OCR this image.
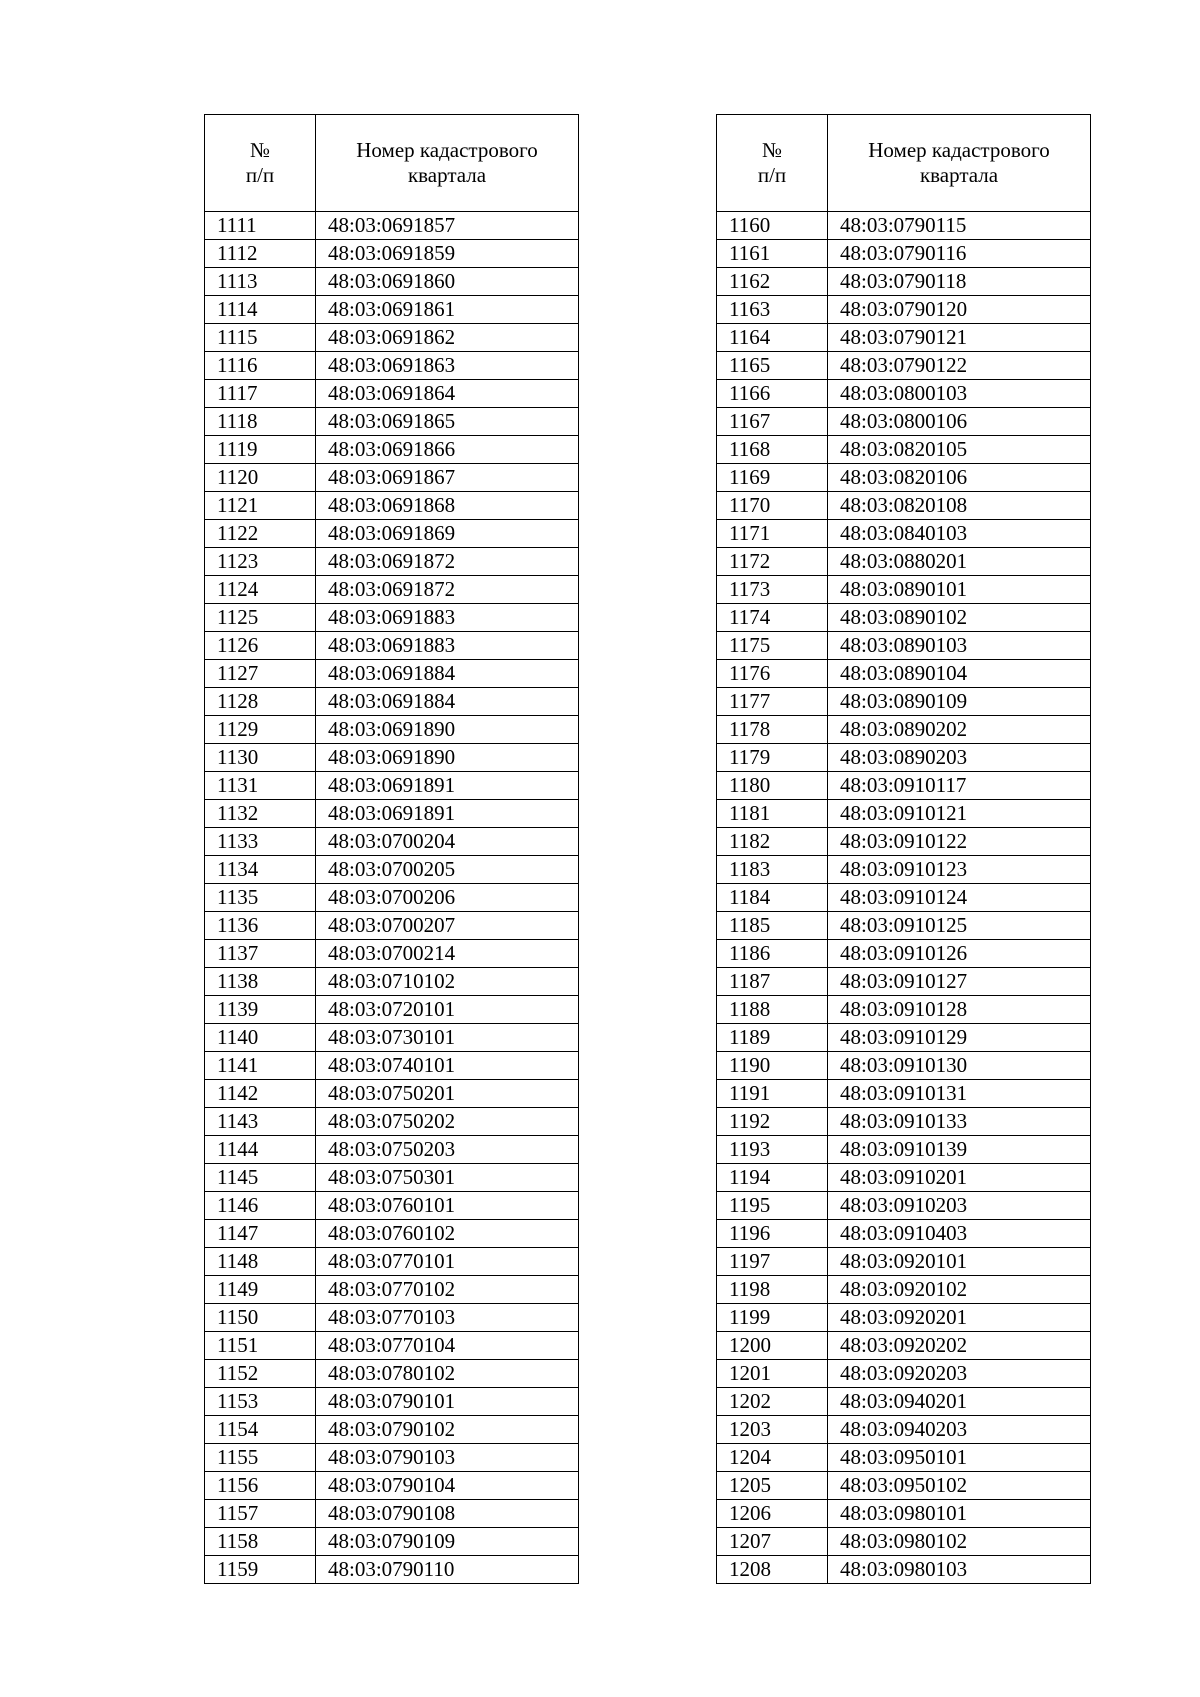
№
п/п	Номер кадастрового
квартала

1111	48:03:0691857
1112	48:03:0691859
1113	48:03:0691860
1114	48:03:0691861
1115	48:03:0691862
1116	48:03:0691863
1117	48:03:0691864
1118	48:03:0691865
1119	48:03:0691866
1120	48:03:0691867
1121	48:03:0691868
1122	48:03:0691869
1123	48:03:0691872
1124	48:03:0691872
1125	48:03:0691883
1126	48:03:0691883
1127	48:03:0691884
1128	48:03:0691884
1129	48:03:0691890
1130	48:03:0691890
1131	48:03:0691891
1132	48:03:0691891
1133	48:03:0700204
1134	48:03:0700205
1135	48:03:0700206
1136	48:03:0700207
1137	48:03:0700214
1138	48:03:0710102
1139	48:03:0720101
1140	48:03:0730101
1141	48:03:0740101
1142	48:03:0750201
1143	48:03:0750202
1144	48:03:0750203
1145	48:03:0750301
1146	48:03:0760101
1147	48:03:0760102
1148	48:03:0770101
1149	48:03:0770102
1150	48:03:0770103
1151	48:03:0770104
1152	48:03:0780102
1153	48:03:0790101
1154	48:03:0790102
1155	48:03:0790103
1156	48:03:0790104
1157	48:03:0790108
1158	48:03:0790109
1159	48:03:0790110
№
п/п	Номер кадастрового
квартала

1160	48:03:0790115
1161	48:03:0790116
1162	48:03:0790118
1163	48:03:0790120
1164	48:03:0790121
1165	48:03:0790122
1166	48:03:0800103
1167	48:03:0800106
1168	48:03:0820105
1169	48:03:0820106
1170	48:03:0820108
1171	48:03:0840103
1172	48:03:0880201
1173	48:03:0890101
1174	48:03:0890102
1175	48:03:0890103
1176	48:03:0890104
1177	48:03:0890109
1178	48:03:0890202
1179	48:03:0890203
1180	48:03:0910117
1181	48:03:0910121
1182	48:03:0910122
1183	48:03:0910123
1184	48:03:0910124
1185	48:03:0910125
1186	48:03:0910126
1187	48:03:0910127
1188	48:03:0910128
1189	48:03:0910129
1190	48:03:0910130
1191	48:03:0910131
1192	48:03:0910133
1193	48:03:0910139
1194	48:03:0910201
1195	48:03:0910203
1196	48:03:0910403
1197	48:03:0920101
1198	48:03:0920102
1199	48:03:0920201
1200	48:03:0920202
1201	48:03:0920203
1202	48:03:0940201
1203	48:03:0940203
1204	48:03:0950101
1205	48:03:0950102
1206	48:03:0980101
1207	48:03:0980102
1208	48:03:0980103
